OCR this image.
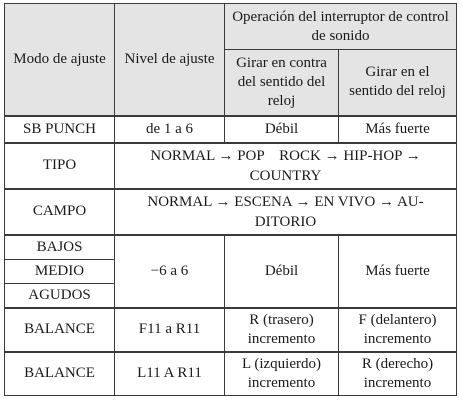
Modo de ajuste	Nivel de ajuste	Operación del interruptor de control de sonido	
		Girar en contra del sentido del reloj	Girar en el sentido del reloj
SB PUNCH	de 1 a 6	Débil	Más fuerte
TIPO	NORMAL → POP    ROCK → HIP-HOP → COUNTRY		
CAMPO	NORMAL → ESCENA → EN VIVO → AU-DITORIO		
BAJOS	−6 a 6	Débil	Más fuerte
MEDIO			
AGUDOS			
BALANCE	F11 a R11	R (trasero) incremento	F (delantero) incremento
BALANCE	L11 A R11	L (izquierdo) incremento	R (derecho) incremento
